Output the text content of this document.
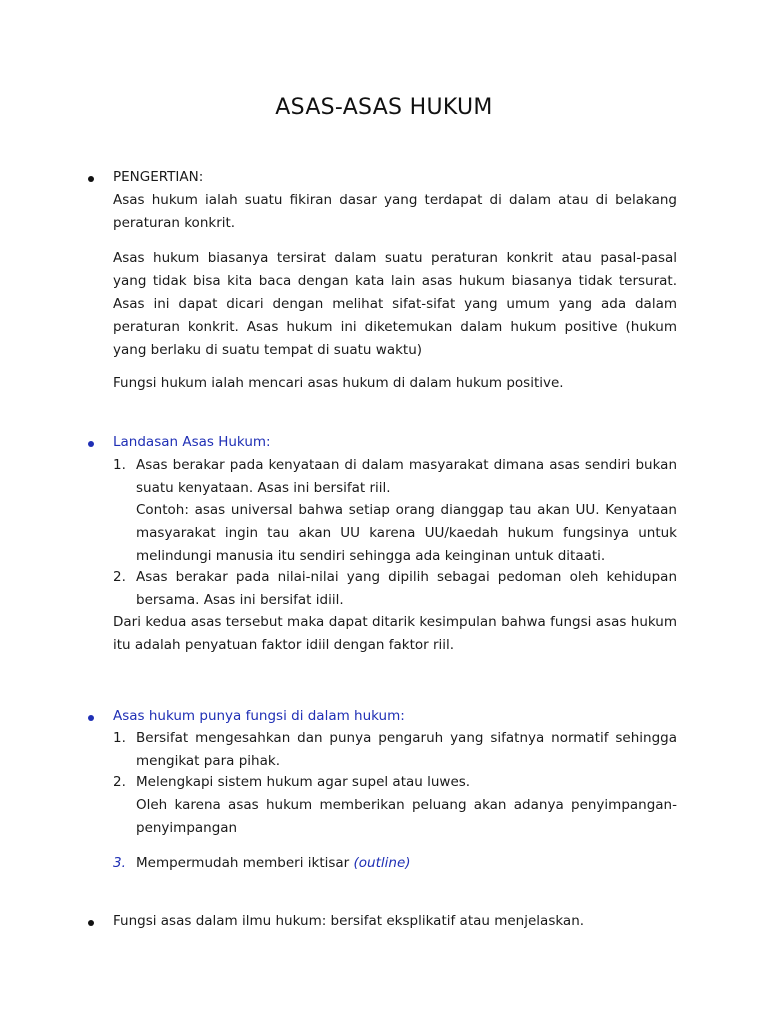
ASAS-ASAS HUKUM
PENGERTIAN:

Asas hukum ialah suatu fikiran dasar yang terdapat di dalam atau di belakang peraturan konkrit.

Asas hukum biasanya tersirat dalam suatu peraturan konkrit atau pasal-pasal yang tidak bisa kita baca dengan kata lain asas hukum biasanya tidak tersurat. Asas ini dapat dicari dengan melihat sifat-sifat yang umum yang ada dalam peraturan konkrit. Asas hukum ini diketemukan dalam hukum positive (hukum yang berlaku di suatu tempat di suatu waktu)

Fungsi hukum ialah mencari asas hukum di dalam hukum positive.

Landasan Asas Hukum:
1. Asas berakar pada kenyataan di dalam masyarakat dimana asas sendiri bukan suatu kenyataan. Asas ini bersifat riil.

Contoh: asas universal bahwa setiap orang dianggap tau akan UU. Kenyataan masyarakat ingin tau akan UU karena UU/kaedah hukum fungsinya untuk melindungi manusia itu sendiri sehingga ada keinginan untuk ditaati.

2. Asas berakar pada nilai-nilai yang dipilih sebagai pedoman oleh kehidupan bersama. Asas ini bersifat idiil.

Dari kedua asas tersebut maka dapat ditarik kesimpulan bahwa fungsi asas hukum itu adalah penyatuan faktor idiil dengan faktor riil.

Asas hukum punya fungsi di dalam hukum:
1. Bersifat mengesahkan dan punya pengaruh yang sifatnya normatif sehingga mengikat para pihak.

2. Melengkapi sistem hukum agar supel atau luwes.

Oleh karena asas hukum memberikan peluang akan adanya penyimpangan-penyimpangan

3. Mempermudah memberi iktisar (outline)

Fungsi asas dalam ilmu hukum: bersifat eksplikatif atau menjelaskan.
